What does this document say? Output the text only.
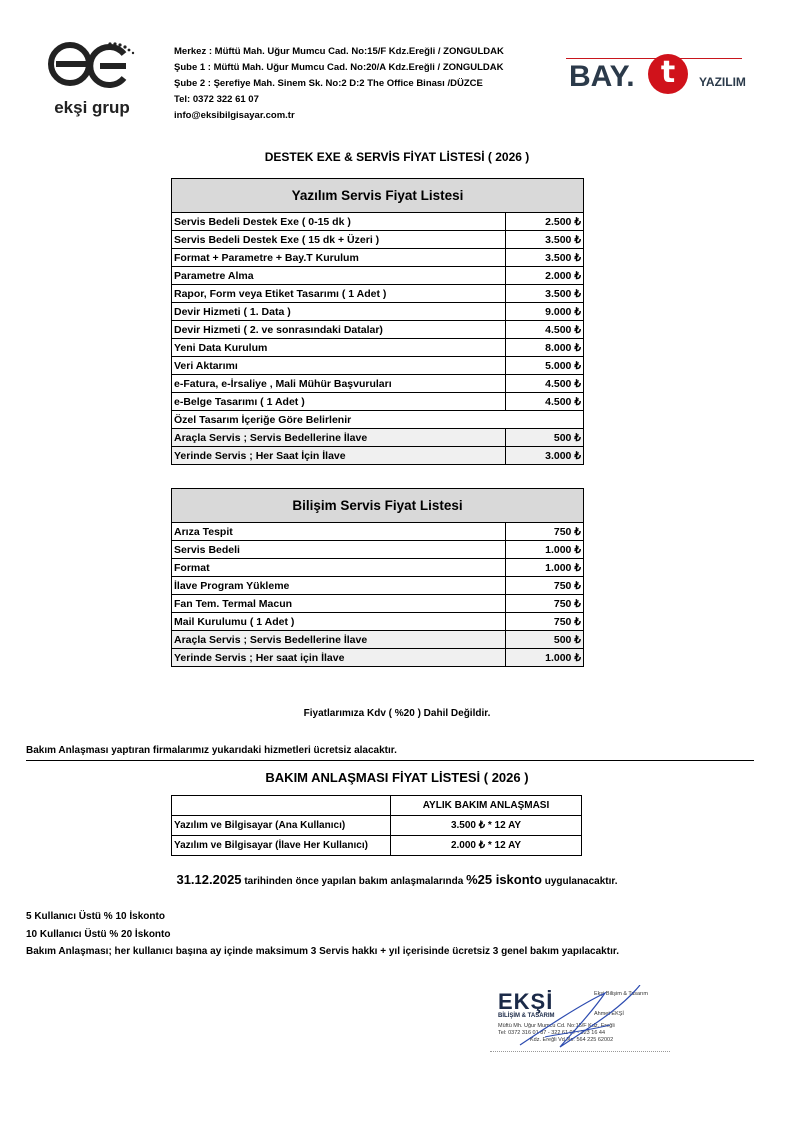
ekşi grup
Merkez : Müftü Mah. Uğur Mumcu Cad. No:15/F Kdz.Ereğli / ZONGULDAK
Şube 1 : Müftü Mah. Uğur Mumcu Cad. No:20/A Kdz.Ereğli / ZONGULDAK
Şube 2 : Şerefiye Mah. Sinem Sk. No:2 D:2 The Office Binası /DÜZCE
Tel: 0372 322 61 07
info@eksibilgisayar.com.tr
BAY. t	YAZILIM
DESTEK EXE & SERVİS FİYAT LİSTESİ ( 2026 )
Yazılım Servis Fiyat Listesi	
Servis Bedeli Destek Exe ( 0-15 dk )	2.500 ₺
Servis Bedeli Destek Exe ( 15 dk + Üzeri )	3.500 ₺
Format + Parametre + Bay.T Kurulum	3.500 ₺
Parametre Alma	2.000 ₺
Rapor, Form veya Etiket Tasarımı ( 1 Adet )	3.500 ₺
Devir Hizmeti ( 1. Data )	9.000 ₺
Devir Hizmeti ( 2. ve sonrasındaki Datalar)	4.500 ₺
Yeni Data Kurulum	8.000 ₺
Veri Aktarımı	5.000 ₺
e-Fatura, e-İrsaliye , Mali Mühür Başvuruları	4.500 ₺
e-Belge Tasarımı ( 1 Adet )	4.500 ₺
Özel Tasarım İçeriğe Göre Belirlenir	
Araçla Servis ; Servis Bedellerine İlave	500 ₺
Yerinde Servis ; Her Saat İçin İlave	3.000 ₺
Bilişim Servis Fiyat Listesi	
Arıza Tespit	750 ₺
Servis Bedeli	1.000 ₺
Format	1.000 ₺
İlave Program Yükleme	750 ₺
Fan Tem. Termal Macun	750 ₺
Mail Kurulumu ( 1 Adet )	750 ₺
Araçla Servis ; Servis Bedellerine İlave	500 ₺
Yerinde Servis ; Her saat için İlave	1.000 ₺
Fiyatlarımıza Kdv ( %20 ) Dahil Değildir.
Bakım Anlaşması yaptıran firmalarımız yukarıdaki hizmetleri ücretsiz alacaktır.
BAKIM ANLAŞMASI FİYAT LİSTESİ ( 2026 )
	AYLIK BAKIM ANLAŞMASI
Yazılım ve Bilgisayar (Ana Kullanıcı)	3.500 ₺ * 12 AY
Yazılım ve Bilgisayar (İlave Her Kullanıcı)	2.000 ₺ * 12 AY
31.12.2025 tarihinden önce yapılan bakım anlaşmalarında %25 iskonto uygulanacaktır.
5 Kullanıcı Üstü % 10 İskonto
10 Kullanıcı Üstü % 20 İskonto
Bakım Anlaşması; her kullanıcı başına ay içinde maksimum 3 Servis hakkı + yıl içerisinde ücretsiz 3 genel bakım yapılacaktır.
EKŞİ
BİLİŞİM & TASARIM
Ekşi Bilişim & Tasarım
Ahmet EKŞİ
Müftü Mh. Uğur Mumcu Cd. No:15/F Kdz. Ereğli
Tel: 0372 316 01 87 - 322 61 07 - 323 16 44
Kdz. Ereğli Vd.No: 564 225 62002
